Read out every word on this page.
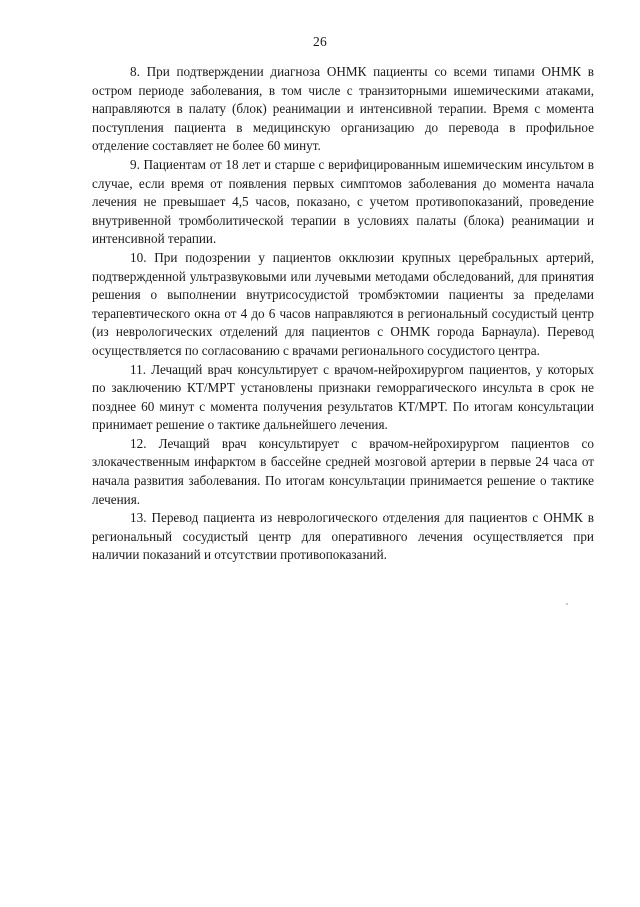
26

8. При подтверждении диагноза ОНМК пациенты со всеми типами ОНМК в остром периоде заболевания, в том числе с транзиторными ишемическими атаками, направляются в палату (блок) реанимации и интенсивной терапии. Время с момента поступления пациента в медицинскую организацию до перевода в профильное отделение составляет не более 60 минут.

9. Пациентам от 18 лет и старше с верифицированным ишемическим инсультом в случае, если время от появления первых симптомов заболевания до момента начала лечения не превышает 4,5 часов, показано, с учетом противопоказаний, проведение внутривенной тромболитической терапии в условиях палаты (блока) реанимации и интенсивной терапии.

10. При подозрении у пациентов окклюзии крупных церебральных артерий, подтвержденной ультразвуковыми или лучевыми методами обследований, для принятия решения о выполнении внутрисосудистой тромбэктомии пациенты за пределами терапевтического окна от 4 до 6 часов направляются в региональный сосудистый центр (из неврологических отделений для пациентов с ОНМК города Барнаула). Перевод осуществляется по согласованию с врачами регионального сосудистого центра.

11. Лечащий врач консультирует с врачом-нейрохирургом пациентов, у которых по заключению КТ/МРТ установлены признаки геморрагического инсульта в срок не позднее 60 минут с момента получения результатов КТ/МРТ. По итогам консультации принимает решение о тактике дальнейшего лечения.

12. Лечащий врач консультирует с врачом-нейрохирургом пациентов со злокачественным инфарктом в бассейне средней мозговой артерии в первые 24 часа от начала развития заболевания. По итогам консультации принимается решение о тактике лечения.

13. Перевод пациента из неврологического отделения для пациентов с ОНМК в региональный сосудистый центр для оперативного лечения осуществляется при наличии показаний и отсутствии противопоказаний.
